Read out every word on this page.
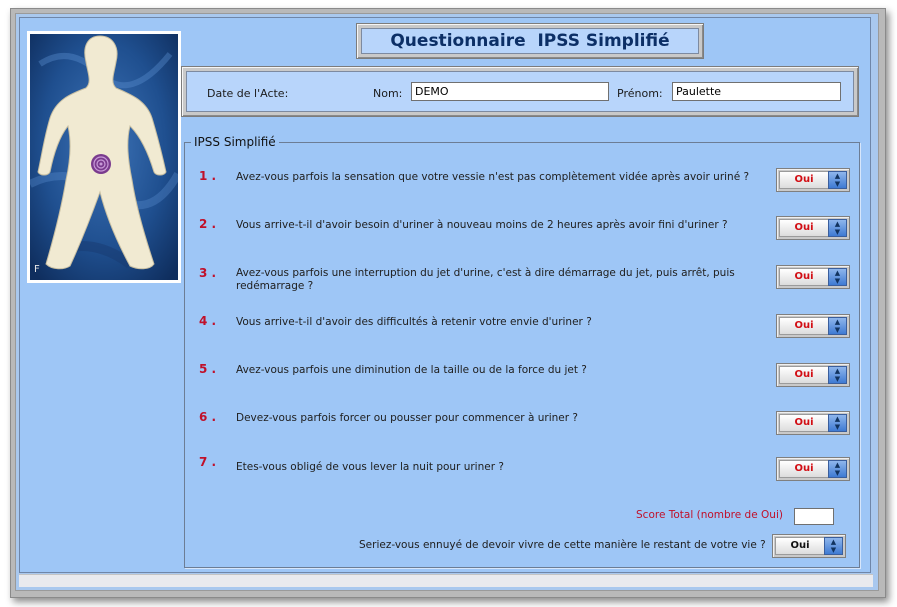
F
Questionnaire  IPSS Simplifié
Date de l'Acte:	Nom:	DEMO	Prénom:	Paulette
IPSS Simplifié
1 . Avez-vous parfois la sensation que votre vessie n'est pas complètement vidée après avoir uriné ?	Oui	▲
▼
2 . Vous arrive-t-il d'avoir besoin d'uriner à nouveau moins de 2 heures après avoir fini d'uriner ?	Oui	▲
▼
3 . Avez-vous parfois une interruption du jet d'urine, c'est à dire démarrage du jet, puis arrêt, puis redémarrage ?
Oui	▲
▼
4 . Vous arrive-t-il d'avoir des difficultés à retenir votre envie d'uriner ?	Oui	▲
▼
5 . Avez-vous parfois une diminution de la taille ou de la force du jet ?	Oui	▲
▼
6 . Devez-vous parfois forcer ou pousser pour commencer à uriner ?	Oui	▲
▼
7 . Etes-vous obligé de vous lever la nuit pour uriner ?	Oui	▲
▼
Score Total (nombre de Oui)
Seriez-vous ennuyé de devoir vivre de cette manière le restant de votre vie ?	Oui	▲
▼
